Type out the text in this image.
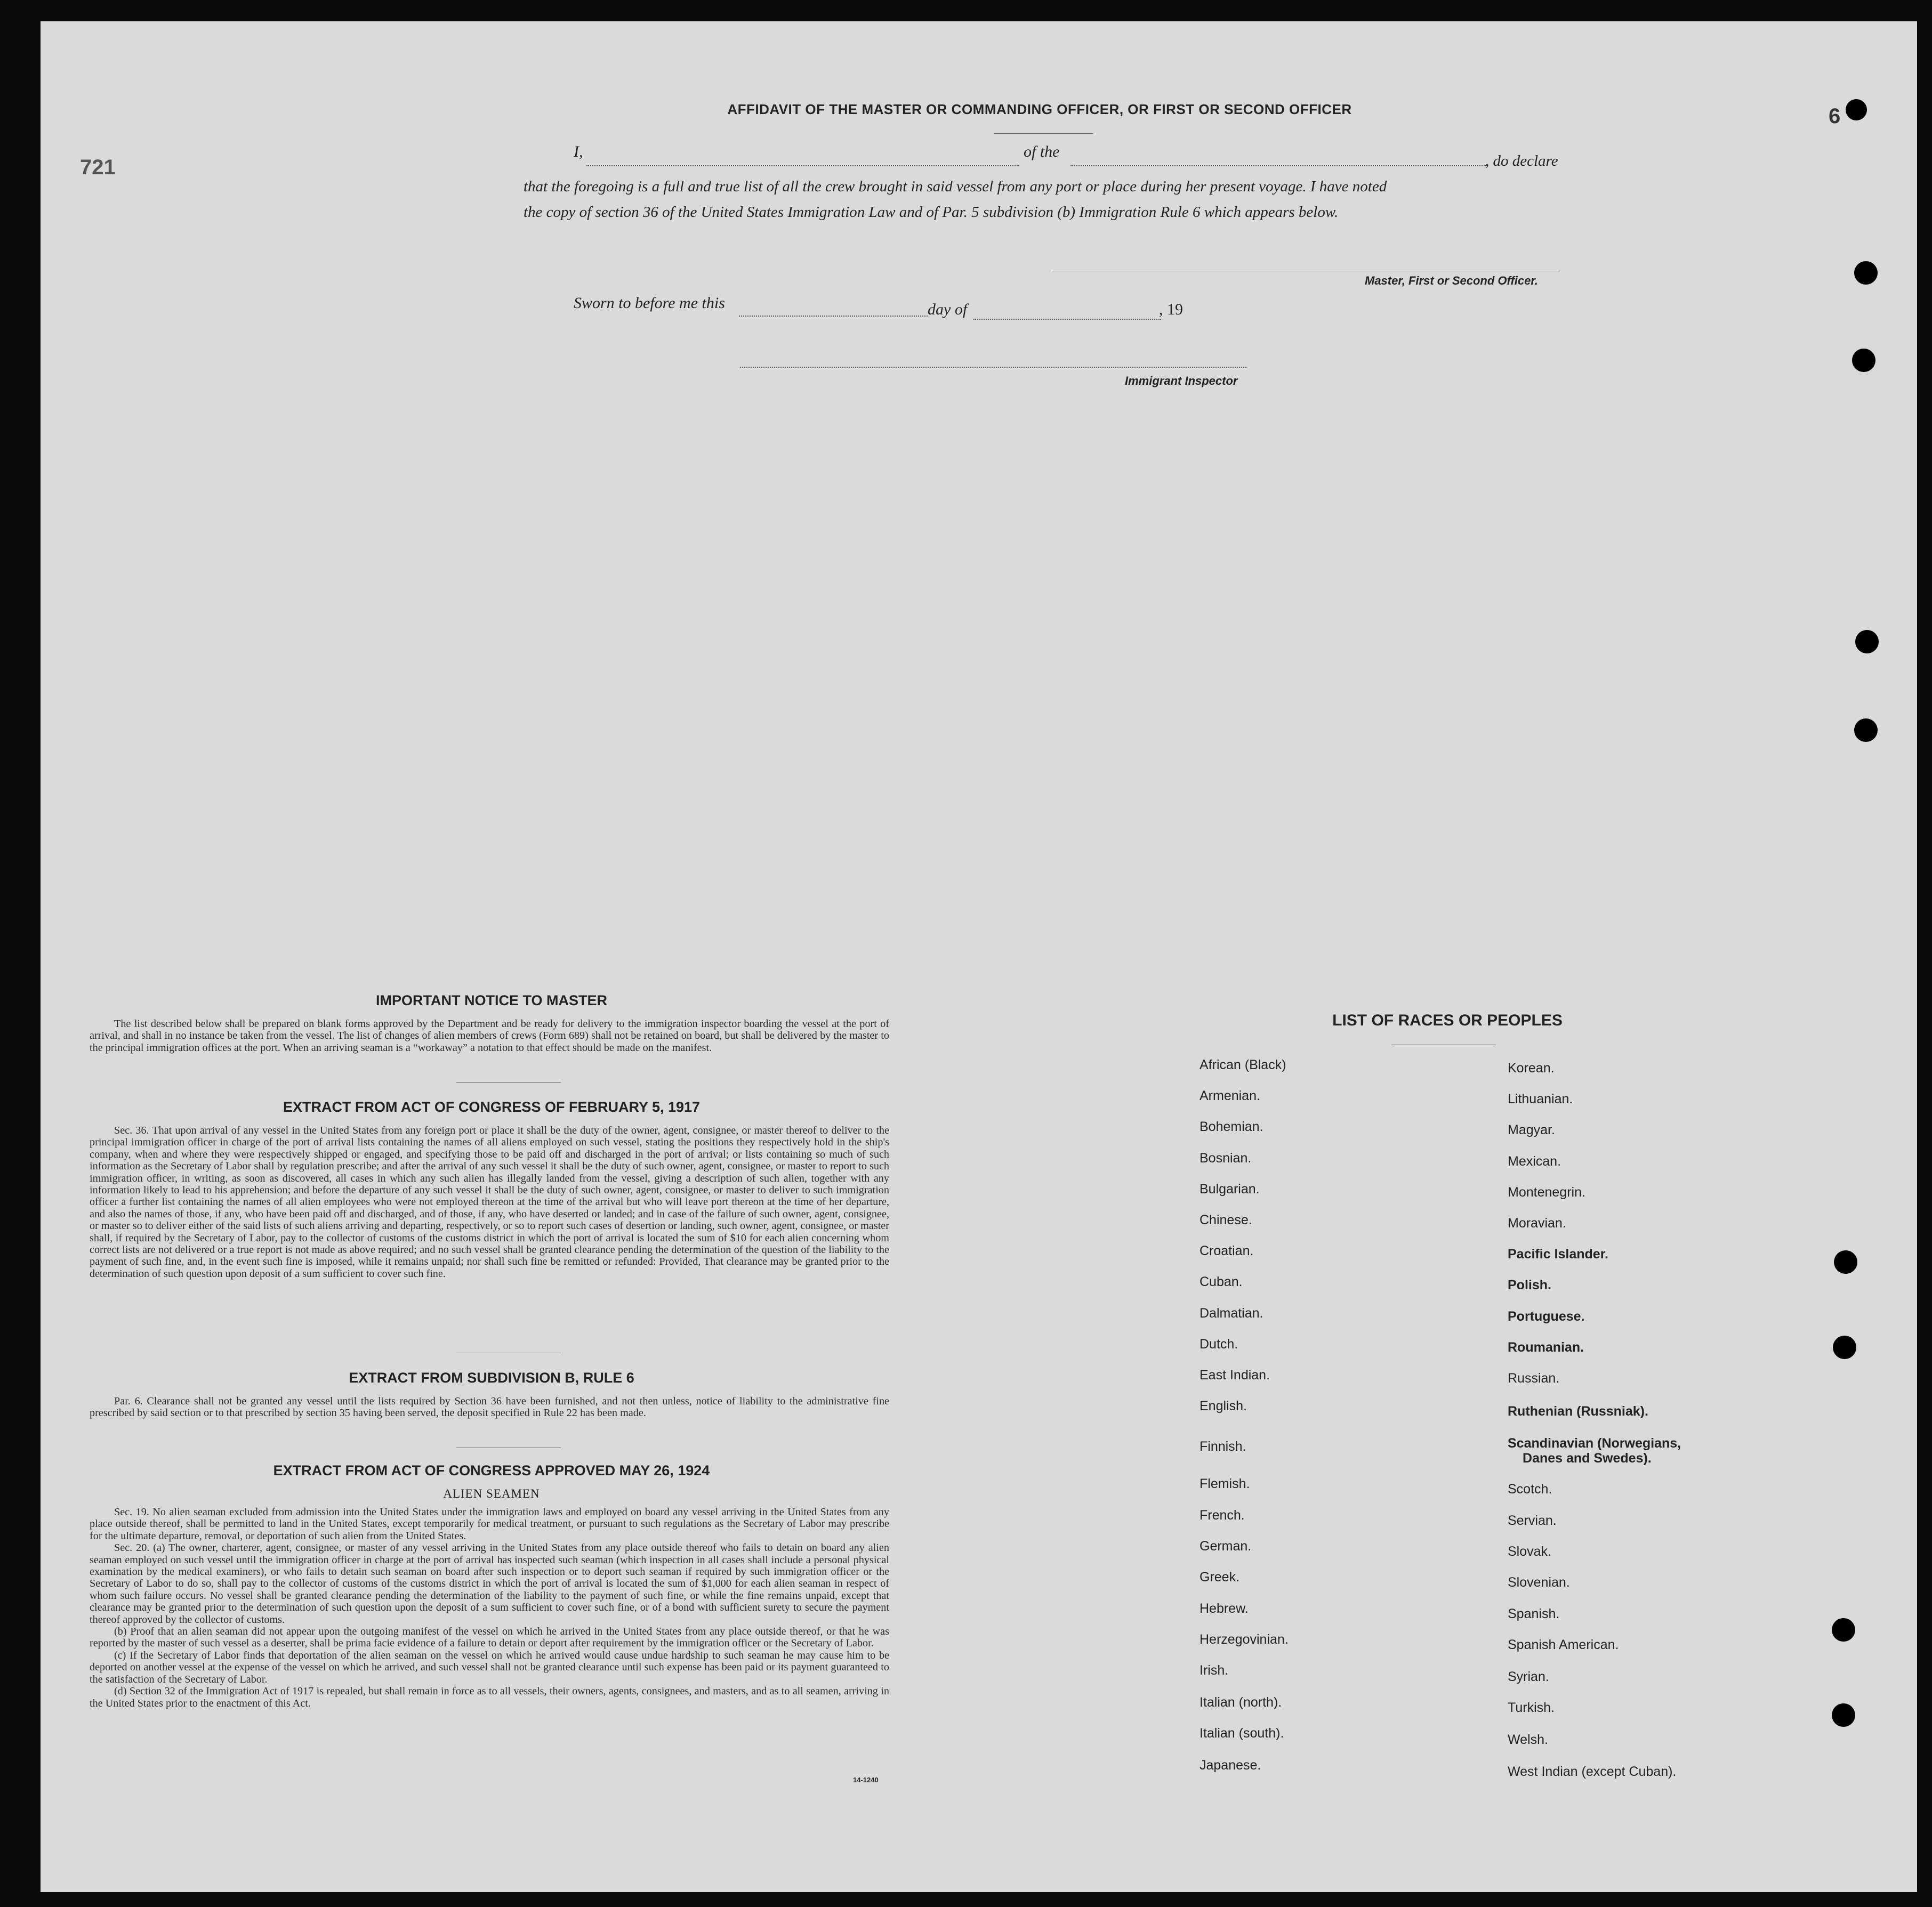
721
6
AFFIDAVIT OF THE MASTER OR COMMANDING OFFICER, OR FIRST OR SECOND OFFICER
I,	of the
, do declare
that the foregoing is a full and true list of all the crew brought in said vessel from any port or place during her present voyage. I have noted
the copy of section 36 of the United States Immigration Law and of Par. 5 subdivision (b) Immigration Rule 6 which appears below.
Master, First or Second Officer.
Sworn to before me this	day of	, 19
Immigrant Inspector
IMPORTANT NOTICE TO MASTER

The list described below shall be prepared on blank forms approved by the Department and be ready for delivery to the immigration inspector boarding the vessel at the port of arrival, and shall in no instance be taken from the vessel. The list of changes of alien members of crews (Form 689) shall not be retained on board, but shall be delivered by the master to the principal immigration offices at the port. When an arriving seaman is a “workaway” a notation to that effect should be made on the manifest.

EXTRACT FROM ACT OF CONGRESS OF FEBRUARY 5, 1917

Sec. 36. That upon arrival of any vessel in the United States from any foreign port or place it shall be the duty of the owner, agent, consignee, or master thereof to deliver to the principal immigration officer in charge of the port of arrival lists containing the names of all aliens employed on such vessel, stating the positions they respectively hold in the ship's company, when and where they were respectively shipped or engaged, and specifying those to be paid off and discharged in the port of arrival; or lists containing so much of such information as the Secretary of Labor shall by regulation prescribe; and after the arrival of any such vessel it shall be the duty of such owner, agent, consignee, or master to report to such immigration officer, in writing, as soon as discovered, all cases in which any such alien has illegally landed from the vessel, giving a description of such alien, together with any information likely to lead to his apprehension; and before the departure of any such vessel it shall be the duty of such owner, agent, consignee, or master to deliver to such immigration officer a further list containing the names of all alien employees who were not employed thereon at the time of the arrival but who will leave port thereon at the time of her departure, and also the names of those, if any, who have been paid off and discharged, and of those, if any, who have deserted or landed; and in case of the failure of such owner, agent, consignee, or master so to deliver either of the said lists of such aliens arriving and departing, respectively, or so to report such cases of desertion or landing, such owner, agent, consignee, or master shall, if required by the Secretary of Labor, pay to the collector of customs of the customs district in which the port of arrival is located the sum of $10 for each alien concerning whom correct lists are not delivered or a true report is not made as above required; and no such vessel shall be granted clearance pending the determination of the question of the liability to the payment of such fine, and, in the event such fine is imposed, while it remains unpaid; nor shall such fine be remitted or refunded: Provided, That clearance may be granted prior to the determination of such question upon deposit of a sum sufficient to cover such fine.

EXTRACT FROM SUBDIVISION B, RULE 6

Par. 6. Clearance shall not be granted any vessel until the lists required by Section 36 have been furnished, and not then unless, notice of liability to the administrative fine prescribed by said section or to that prescribed by section 35 having been served, the deposit specified in Rule 22 has been made.

EXTRACT FROM ACT OF CONGRESS APPROVED MAY 26, 1924
ALIEN SEAMEN

Sec. 19. No alien seaman excluded from admission into the United States under the immigration laws and employed on board any vessel arriving in the United States from any place outside thereof, shall be permitted to land in the United States, except temporarily for medical treatment, or pursuant to such regulations as the Secretary of Labor may prescribe for the ultimate departure, removal, or deportation of such alien from the United States.

Sec. 20. (a) The owner, charterer, agent, consignee, or master of any vessel arriving in the United States from any place outside thereof who fails to detain on board any alien seaman employed on such vessel until the immigration officer in charge at the port of arrival has inspected such seaman (which inspection in all cases shall include a personal physical examination by the medical examiners), or who fails to detain such seaman on board after such inspection or to deport such seaman if required by such immigration officer or the Secretary of Labor to do so, shall pay to the collector of customs of the customs district in which the port of arrival is located the sum of $1,000 for each alien seaman in respect of whom such failure occurs. No vessel shall be granted clearance pending the determination of the liability to the payment of such fine, or while the fine remains unpaid, except that clearance may be granted prior to the determination of such question upon the deposit of a sum sufficient to cover such fine, or of a bond with sufficient surety to secure the payment thereof approved by the collector of customs.

(b) Proof that an alien seaman did not appear upon the outgoing manifest of the vessel on which he arrived in the United States from any place outside thereof, or that he was reported by the master of such vessel as a deserter, shall be prima facie evidence of a failure to detain or deport after requirement by the immigration officer or the Secretary of Labor.

(c) If the Secretary of Labor finds that deportation of the alien seaman on the vessel on which he arrived would cause undue hardship to such seaman he may cause him to be deported on another vessel at the expense of the vessel on which he arrived, and such vessel shall not be granted clearance until such expense has been paid or its payment guaranteed to the satisfaction of the Secretary of Labor.

(d) Section 32 of the Immigration Act of 1917 is repealed, but shall remain in force as to all vessels, their owners, agents, consignees, and masters, and as to all seamen, arriving in the United States prior to the enactment of this Act.

14-1240
LIST OF RACES OR PEOPLES
African (Black)
Armenian.
Bohemian.
Bosnian.
Bulgarian.
Chinese.
Croatian.
Cuban.
Dalmatian.
Dutch.
East Indian.
English.
Finnish.
Flemish.
French.
German.
Greek.
Hebrew.
Herzegovinian.
Irish.
Italian (north).
Italian (south).
Japanese.
Korean.
Lithuanian.
Magyar.
Mexican.
Montenegrin.
Moravian.
Pacific Islander.
Polish.
Portuguese.
Roumanian.
Russian.
Ruthenian (Russniak).
Scandinavian (Norwegians,
Danes and Swedes).
Scotch.
Servian.
Slovak.
Slovenian.
Spanish.
Spanish American.
Syrian.
Turkish.
Welsh.
West Indian (except Cuban).
